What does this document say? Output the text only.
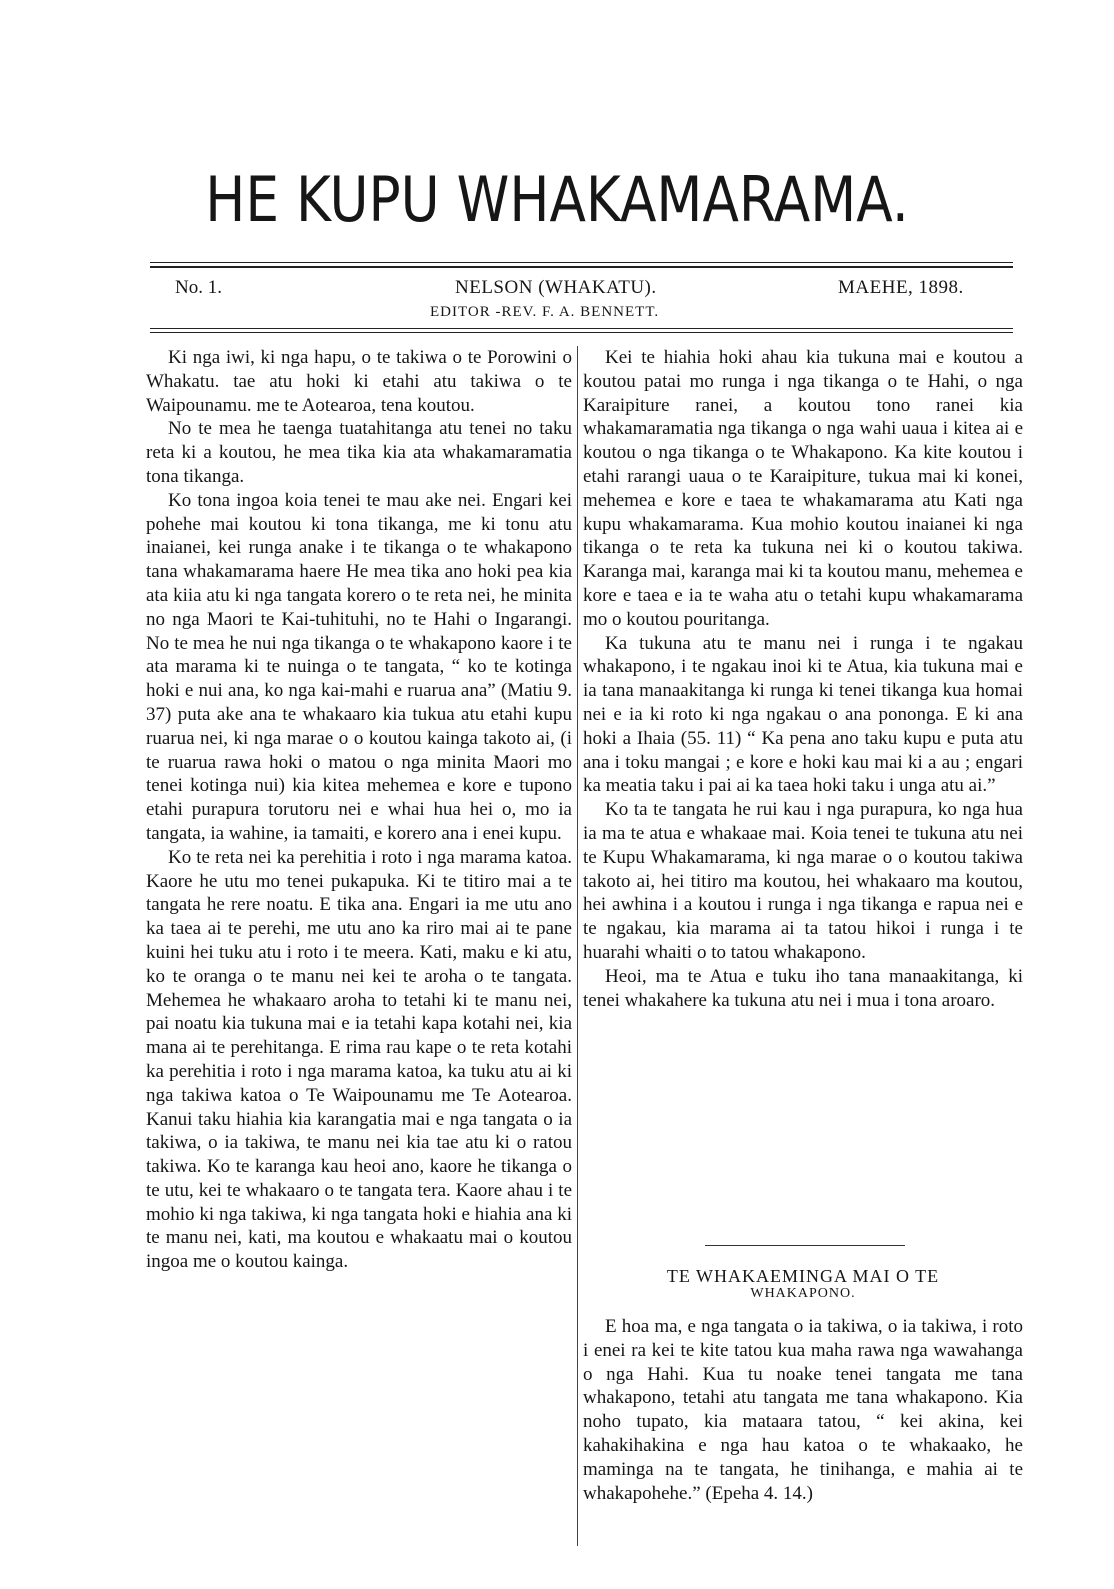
HE KUPU WHAKAMARAMA.
No. 1.	NELSON (WHAKATU).	MAEHE, 1898.
EDITOR -REV. F. A. BENNETT.

Ki nga iwi, ki nga hapu, o te takiwa o te Porowini o Whakatu. tae atu hoki ki etahi atu takiwa o te Waipounamu. me te Aotearoa, tena koutou.

No te mea he taenga tuatahitanga atu tenei no taku reta ki a koutou, he mea tika kia ata whakamaramatia tona tikanga.

Ko tona ingoa koia tenei te mau ake nei. Engari kei pohehe mai koutou ki tona tikanga, me ki tonu atu inaianei, kei runga anake i te tikanga o te whakapono tana whakamarama haere He mea tika ano hoki pea kia ata kiia atu ki nga tangata korero o te reta nei, he minita no nga Maori te Kai-tuhituhi, no te Hahi o Ingarangi. No te mea he nui nga tikanga o te whakapono kaore i te ata marama ki te nuinga o te tangata, “ ko te kotinga hoki e nui ana, ko nga kai-mahi e ruarua ana” (Matiu 9. 37) puta ake ana te whakaaro kia tukua atu etahi kupu ruarua nei, ki nga marae o o koutou kainga takoto ai, (i te ruarua rawa hoki o matou o nga minita Maori mo tenei kotinga nui) kia kitea mehemea e kore e tupono etahi purapura torutoru nei e whai hua hei o, mo ia tangata, ia wahine, ia tamaiti, e korero ana i enei kupu.

Ko te reta nei ka perehitia i roto i nga marama katoa. Kaore he utu mo tenei pukapuka. Ki te titiro mai a te tangata he rere noatu. E tika ana. Engari ia me utu ano ka taea ai te perehi, me utu ano ka riro mai ai te pane kuini hei tuku atu i roto i te meera. Kati, maku e ki atu, ko te oranga o te manu nei kei te aroha o te tangata. Mehemea he whakaaro aroha to tetahi ki te manu nei, pai noatu kia tukuna mai e ia tetahi kapa kotahi nei, kia mana ai te perehitanga. E rima rau kape o te reta kotahi ka perehitia i roto i nga marama katoa, ka tuku atu ai ki nga takiwa katoa o Te Waipounamu me Te Aotearoa. Kanui taku hiahia kia karangatia mai e nga tangata o ia takiwa, o ia takiwa, te manu nei kia tae atu ki o ratou takiwa. Ko te karanga kau heoi ano, kaore he tikanga o te utu, kei te whakaaro o te tangata tera. Kaore ahau i te mohio ki nga takiwa, ki nga tangata hoki e hiahia ana ki te manu nei, kati, ma koutou e whakaatu mai o koutou ingoa me o koutou kainga.

Kei te hiahia hoki ahau kia tukuna mai e koutou a koutou patai mo runga i nga tikanga o te Hahi, o nga Karaipiture ranei, a koutou tono ranei kia whakamaramatia nga tikanga o nga wahi uaua i kitea ai e koutou o nga tikanga o te Whakapono. Ka kite koutou i etahi rarangi uaua o te Karaipiture, tukua mai ki konei, mehemea e kore e taea te whakamarama atu Kati nga kupu whakamarama. Kua mohio koutou inaianei ki nga tikanga o te reta ka tukuna nei ki o koutou takiwa. Karanga mai, karanga mai ki ta koutou manu, mehemea e kore e taea e ia te waha atu o tetahi kupu whakamarama mo o koutou pouritanga.

Ka tukuna atu te manu nei i runga i te ngakau whakapono, i te ngakau inoi ki te Atua, kia tukuna mai e ia tana manaakitanga ki runga ki tenei tikanga kua homai nei e ia ki roto ki nga ngakau o ana pononga. E ki ana hoki a Ihaia (55. 11) “ Ka pena ano taku kupu e puta atu ana i toku mangai ; e kore e hoki kau mai ki a au ; engari ka meatia taku i pai ai ka taea hoki taku i unga atu ai.”

Ko ta te tangata he rui kau i nga purapura, ko nga hua ia ma te atua e whakaae mai. Koia tenei te tukuna atu nei te Kupu Whakamarama, ki nga marae o o koutou takiwa takoto ai, hei titiro ma koutou, hei whakaaro ma koutou, hei awhina i a koutou i runga i nga tikanga e rapua nei e te ngakau, kia marama ai ta tatou hikoi i runga i te huarahi whaiti o to tatou whakapono.

Heoi, ma te Atua e tuku iho tana manaakitanga, ki tenei whakahere ka tukuna atu nei i mua i tona aroaro.

TE WHAKAEMINGA MAI O TE
WHAKAPONO.

E hoa ma, e nga tangata o ia takiwa, o ia takiwa, i roto i enei ra kei te kite tatou kua maha rawa nga wawahanga o nga Hahi. Kua tu noake tenei tangata me tana whakapono, tetahi atu tangata me tana whakapono. Kia noho tupato, kia mataara tatou, “ kei akina, kei kahakihakina e nga hau katoa o te whakaako, he maminga na te tangata, he tinihanga, e mahia ai te whakapohehe.” (Epeha 4. 14.)
